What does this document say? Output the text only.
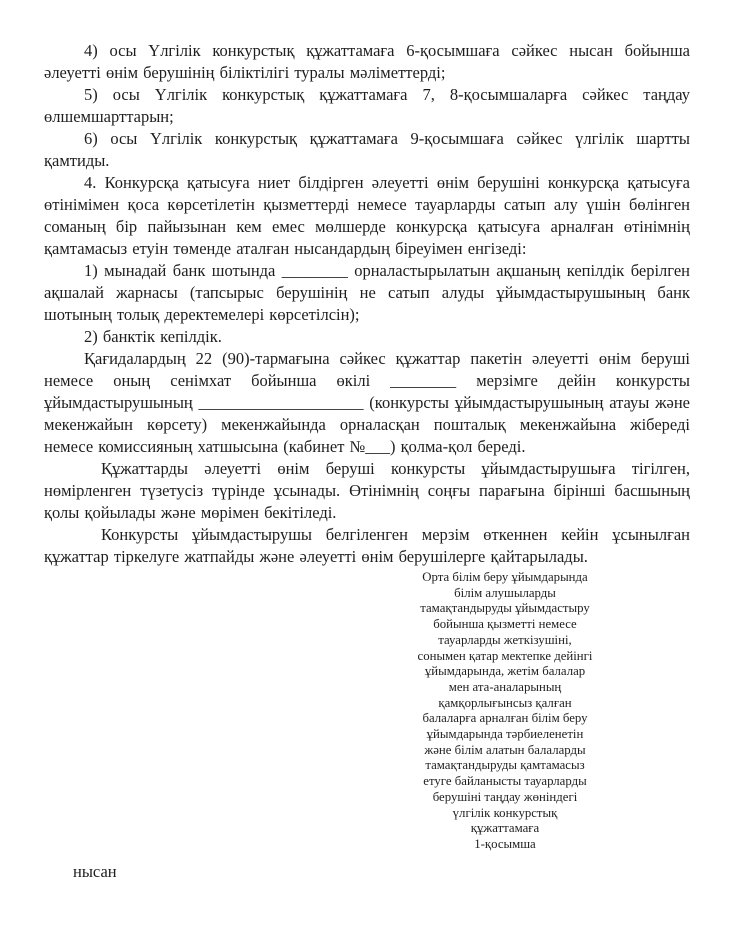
4) осы Үлгілік конкурстық құжаттамаға 6-қосымшаға сәйкес нысан бойынша әлеуетті өнім берушінің біліктілігі туралы мәліметтерді;

5) осы Үлгілік конкурстық құжаттамаға 7, 8-қосымшаларға сәйкес таңдау өлшемшарттарын;

6) осы Үлгілік конкурстық құжаттамаға 9-қосымшаға сәйкес үлгілік шартты қамтиды.

4. Конкурсқа қатысуға ниет білдірген әлеуетті өнім берушіні конкурсқа қатысуға өтінімімен қоса көрсетілетін қызметтерді немесе тауарларды сатып алу үшін бөлінген соманың бір пайызынан кем емес мөлшерде конкурсқа қатысуға арналған өтінімнің қамтамасыз етуін төменде аталған нысандардың біреуімен енгізеді:

1) мынадай банк шотында ________ орналастырылатын ақшаның кепілдік берілген ақшалай жарнасы (тапсырыс берушінің не сатып алуды ұйымдастырушының банк шотының толық деректемелері көрсетілсін);

2) банктік кепілдік.

Қағидалардың 22 (90)-тармағына сәйкес құжаттар пакетін әлеуетті өнім беруші немесе оның сенімхат бойынша өкілі ________ мерзімге дейін конкурсты ұйымдастырушының ____________________ (конкурсты ұйымдастырушының атауы және мекенжайын көрсету) мекенжайында орналасқан пошталық мекенжайына жібереді немесе комиссияның хатшысына (кабинет №___) қолма-қол береді.

Құжаттарды әлеуетті өнім беруші конкурсты ұйымдастырушыға тігілген, нөмірленген түзетусіз түрінде ұсынады. Өтінімнің соңғы парағына бірінші басшының қолы қойылады және мөрімен бекітіледі.

Конкурсты ұйымдастырушы белгіленген мерзім өткеннен кейін ұсынылған құжаттар тіркелуге жатпайды және әлеуетті өнім берушілерге қайтарылады.

Орта білім беру ұйымдарында
білім алушыларды
тамақтандыруды ұйымдастыру
бойынша қызметті немесе
тауарларды жеткізушіні,
сонымен қатар мектепке дейінгі
ұйымдарында, жетім балалар
мен ата-аналарының
қамқорлығынсыз қалған
балаларға арналған білім беру
ұйымдарында тәрбиеленетін
және білім алатын балаларды
тамақтандыруды қамтамасыз
етуге байланысты тауарларды
берушіні таңдау жөніндегі
үлгілік конкурстық
құжаттамаға
1-қосымша
нысан
